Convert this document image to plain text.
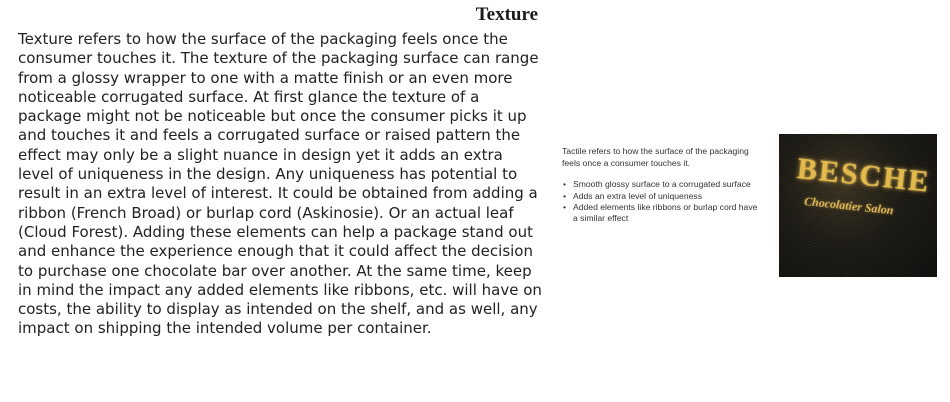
Texture

Texture refers to how the surface of the packaging feels once the consumer touches it. The texture of the packaging surface can range from a glossy wrapper to one with a matte finish or an even more noticeable corrugated surface. At first glance the texture of a package might not be noticeable but once the consumer picks it up and touches it and feels a corrugated surface or raised pattern the effect may only be a slight nuance in design yet it adds an extra level of uniqueness in the design. Any uniqueness has potential to result in an extra level of interest. It could be obtained from adding a ribbon (French Broad) or burlap cord (Askinosie). Or an actual leaf (Cloud Forest). Adding these elements can help a package stand out and enhance the experience enough that it could affect the decision to purchase one chocolate bar over another. At the same time, keep in mind the impact any added elements like ribbons, etc. will have on costs, the ability to display as intended on the shelf, and as well, any impact on shipping the intended volume per container.

Tactile refers to how the surface of the packaging feels once a consumer touches it.

• Smooth glossy surface to a corrugated surface
• Adds an extra level of uniqueness
• Added elements like ribbons or burlap cord have a similar effect
BESCHE
Chocolatier Salon
